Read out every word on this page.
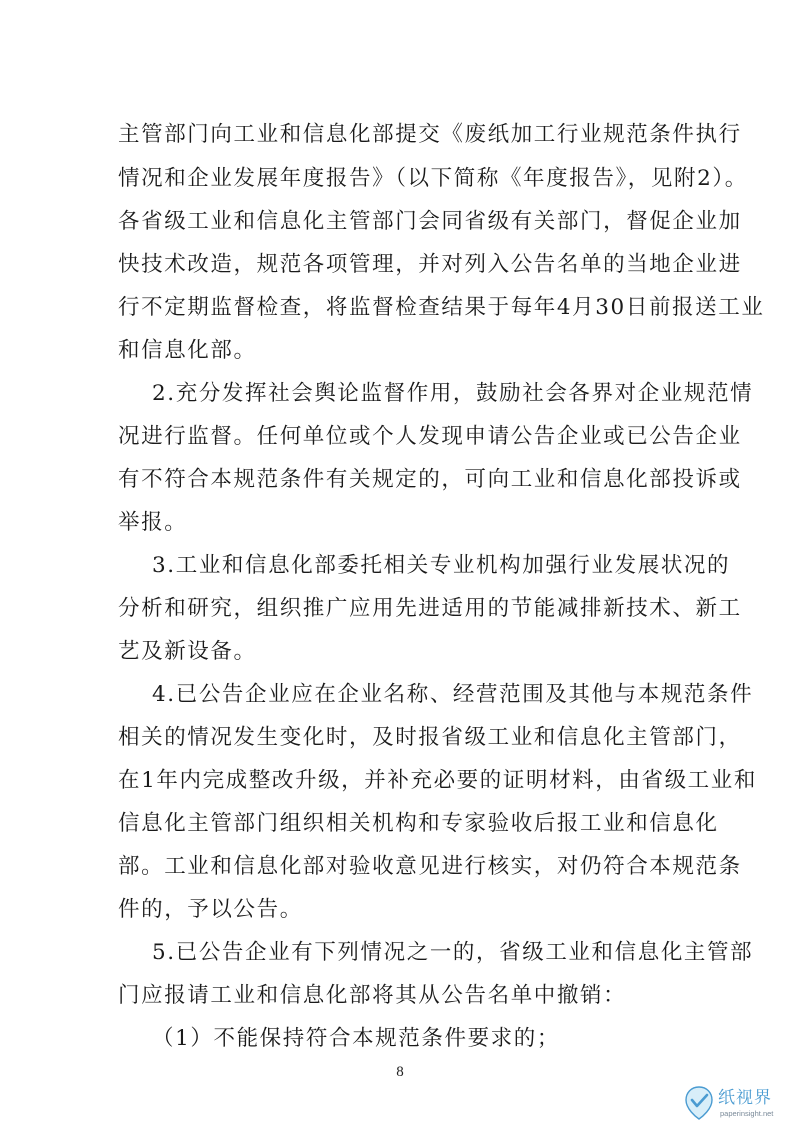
主管部门向工业和信息化部提交《废纸加工行业规范条件执行
情况和企业发展年度报告》（以下简称《年度报告》，见附2）。
各省级工业和信息化主管部门会同省级有关部门，督促企业加
快技术改造，规范各项管理，并对列入公告名单的当地企业进
行不定期监督检查，将监督检查结果于每年4月30日前报送工业
和信息化部。
2.充分发挥社会舆论监督作用，鼓励社会各界对企业规范情
况进行监督。任何单位或个人发现申请公告企业或已公告企业
有不符合本规范条件有关规定的，可向工业和信息化部投诉或
举报。
3.工业和信息化部委托相关专业机构加强行业发展状况的
分析和研究，组织推广应用先进适用的节能减排新技术、新工
艺及新设备。
4.已公告企业应在企业名称、经营范围及其他与本规范条件
相关的情况发生变化时，及时报省级工业和信息化主管部门，
在1年内完成整改升级，并补充必要的证明材料，由省级工业和
信息化主管部门组织相关机构和专家验收后报工业和信息化
部。工业和信息化部对验收意见进行核实，对仍符合本规范条
件的，予以公告。
5.已公告企业有下列情况之一的，省级工业和信息化主管部
门应报请工业和信息化部将其从公告名单中撤销：
（1）不能保持符合本规范条件要求的；
8
纸视界
paperinsight.net
